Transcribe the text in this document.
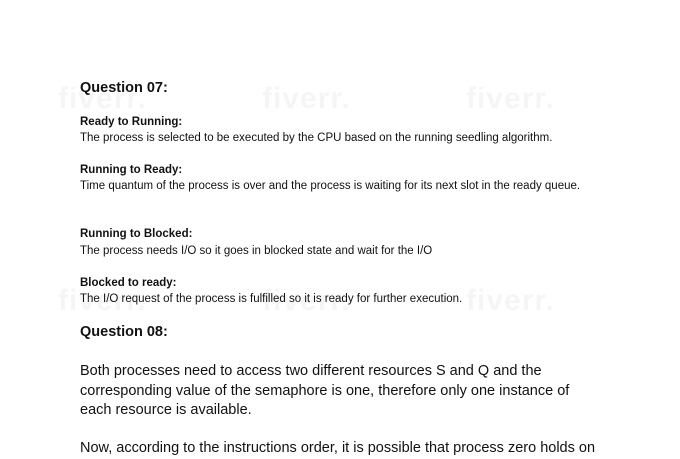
Question 07:
Ready to Running:

The process is selected to be executed by the CPU based on the running seedling algorithm.

Running to Ready:

Time quantum of the process is over and the process is waiting for its next slot in the ready queue.

Running to Blocked:

The process needs I/O so it goes in blocked state and wait for the I/O

Blocked to ready:

The I/O request of the process is fulfilled so it is ready for further execution.

Question 08:

Both processes need to access two different resources S and Q and the corresponding value of the semaphore is one, therefore only one instance of each resource is available.

Now, according to the instructions order, it is possible that process zero holds on
